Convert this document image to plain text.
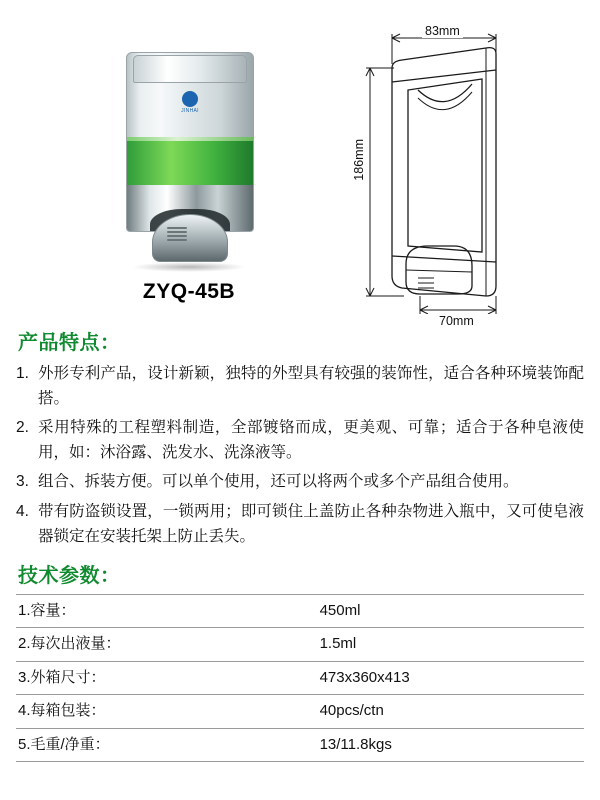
JINHAI
ZYQ-45B
83mm
186mm
70mm
产品特点：
1. 外形专利产品，设计新颖，独特的外型具有较强的装饰性，适合各种环境装饰配搭。
2. 采用特殊的工程塑料制造，全部镀铬而成，更美观、可靠；适合于各种皂液使用，如：沐浴露、洗发水、洗涤液等。
3. 组合、拆装方便。可以单个使用，还可以将两个或多个产品组合使用。
4. 带有防盗锁设置，一锁两用；即可锁住上盖防止各种杂物进入瓶中，又可使皂液器锁定在安装托架上防止丢失。
技术参数：
1.容量：	450ml
2.每次出液量：	1.5ml
3.外箱尺寸：	473x360x413
4.每箱包装：	40pcs/ctn
5.毛重/净重：	13/11.8kgs
